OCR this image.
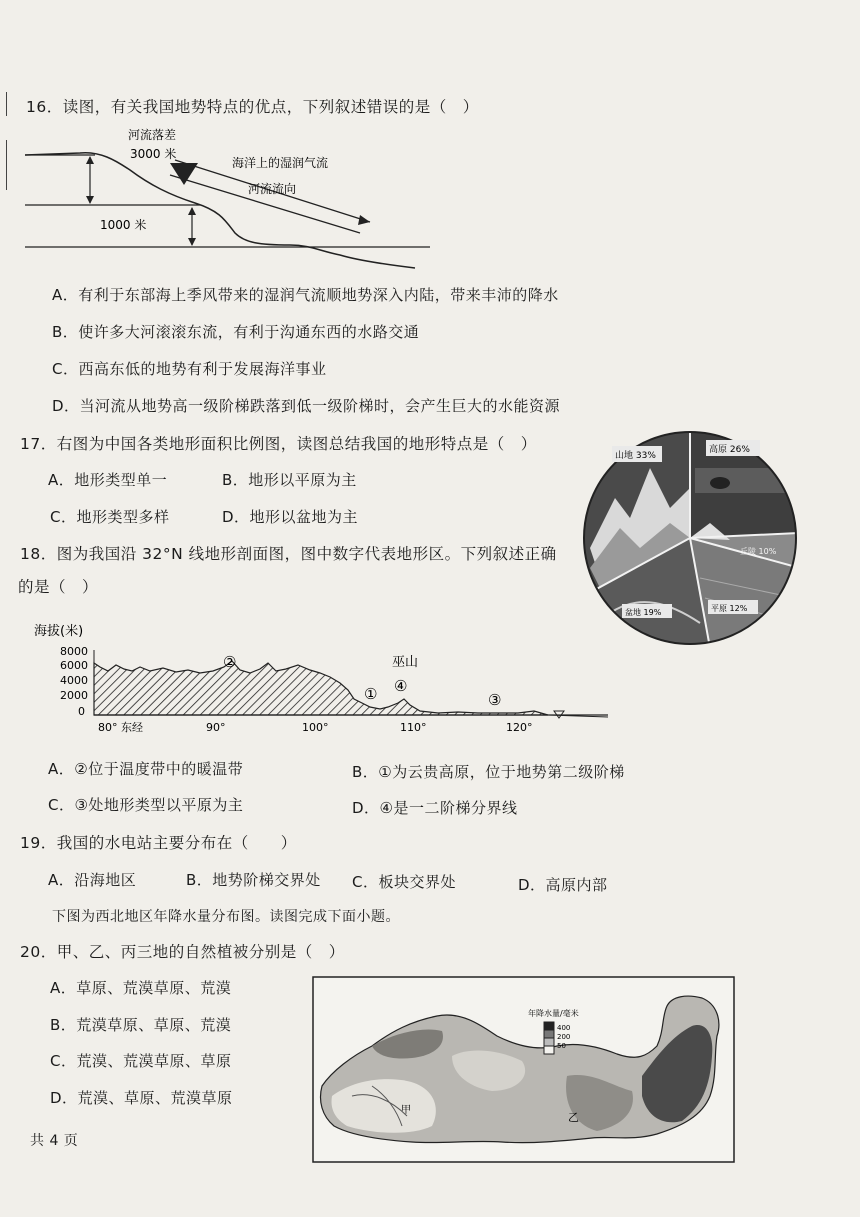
16．读图，有关我国地势特点的优点，下列叙述错误的是（　）
河流落差
3000 米
海洋上的湿润气流
河流流向
1000 米
A．有利于东部海上季风带来的湿润气流顺地势深入内陆，带来丰沛的降水
B．使许多大河滚滚东流，有利于沟通东西的水路交通
C．西高东低的地势有利于发展海洋事业
D．当河流从地势高一级阶梯跌落到低一级阶梯时，会产生巨大的水能资源
17．右图为中国各类地形面积比例图，读图总结我国的地形特点是（　）
A．地形类型单一	B．地形以平原为主
C．地形类型多样	D．地形以盆地为主
山地 33%
高原 26%
丘陵 10%
平原 12%
盆地 19%
18．图为我国沿 32°N 线地形剖面图，图中数字代表地形区。下列叙述正确
的是（　）
海拔(米)
8000
6000
4000
2000
0
②
① ④
巫山
③
80° 东经	90°	100°	110°	120°
A．②位于温度带中的暖温带	B．①为云贵高原，位于地势第二级阶梯
C．③处地形类型以平原为主	D．④是一二阶梯分界线
19．我国的水电站主要分布在（　　）
A．沿海地区	B．地势阶梯交界处 C．板块交界处	D．高原内部
下图为西北地区年降水量分布图。读图完成下面小题。
20．甲、乙、丙三地的自然植被分别是（　）
A．草原、荒漠草原、荒漠
B．荒漠草原、草原、荒漠
C．荒漠、荒漠草原、草原
D．荒漠、草原、荒漠草原
年降水量/毫米
400
200
50
甲
乙
共 4 页
